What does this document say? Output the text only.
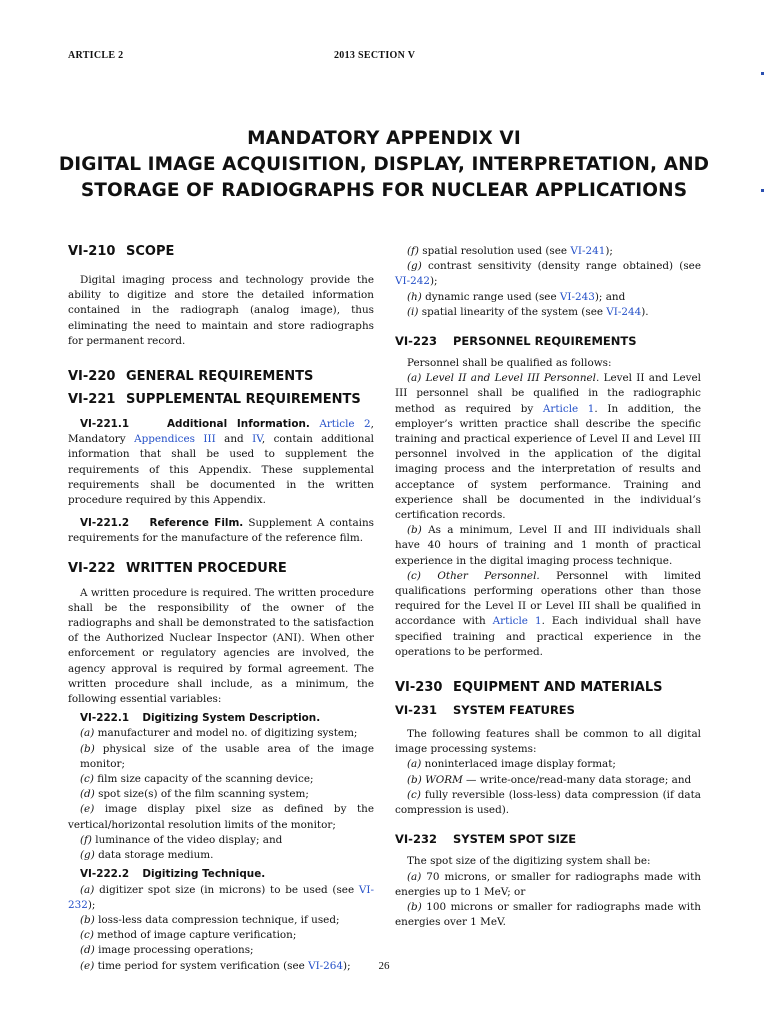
ARTICLE 2	2013 SECTION V
MANDATORY APPENDIX VI
DIGITAL IMAGE ACQUISITION, DISPLAY, INTERPRETATION, AND
STORAGE OF RADIOGRAPHS FOR NUCLEAR APPLICATIONS
VI-210 SCOPE

Digital imaging process and technology provide the ability to digitize and store the detailed information contained in the radiograph (analog image), thus eliminating the need to maintain and store radiographs for permanent record.

VI-220 GENERAL REQUIREMENTS
VI-221 SUPPLEMENTAL REQUIREMENTS

VI-221.1	Additional Information. Article 2, Mandatory Appendices III and IV, contain additional information that shall be used to supplement the requirements of this Appendix. These supplemental requirements shall be documented in the written procedure required by this Appendix.

VI-221.2 Reference Film. Supplement A contains requirements for the manufacture of the reference film.

VI-222 WRITTEN PROCEDURE

A written procedure is required. The written procedure shall be the responsibility of the owner of the radiographs and shall be demonstrated to the satisfaction of the Authorized Nuclear Inspector (ANI). When other enforcement or regulatory agencies are involved, the agency approval is required by formal agreement. The written procedure shall include, as a minimum, the following essential variables:

VI-222.1 Digitizing System Description.
(a) manufacturer and model no. of digitizing system;
(b) physical size of the usable area of the image monitor;
(c) film size capacity of the scanning device;
(d) spot size(s) of the film scanning system;
(e) image display pixel size as defined by the vertical/horizontal resolution limits of the monitor;
(f) luminance of the video display; and
(g) data storage medium.
VI-222.2 Digitizing Technique.
(a) digitizer spot size (in microns) to be used (see VI-232);
(b) loss-less data compression technique, if used;
(c) method of image capture verification;
(d) image processing operations;
(e) time period for system verification (see VI-264);
(f) spatial resolution used (see VI-241);
(g) contrast sensitivity (density range obtained) (see VI-242);
(h) dynamic range used (see VI-243); and
(i) spatial linearity of the system (see VI-244).
VI-223 PERSONNEL REQUIREMENTS

Personnel shall be qualified as follows:

(a) Level II and Level III Personnel. Level II and Level III personnel shall be qualified in the radiographic method as required by Article 1. In addition, the employer’s written practice shall describe the specific training and practical experience of Level II and Level III personnel involved in the application of the digital imaging process and the interpretation of results and acceptance of system performance. Training and experience shall be documented in the individual’s certification records.

(b) As a minimum, Level II and III individuals shall have 40 hours of training and 1 month of practical experience in the digital imaging process technique.

(c) Other Personnel. Personnel with limited qualifications performing operations other than those required for the Level II or Level III shall be qualified in accordance with Article 1. Each individual shall have specified training and practical experience in the operations to be performed.

VI-230 EQUIPMENT AND MATERIALS
VI-231 SYSTEM FEATURES

The following features shall be common to all digital image processing systems:

(a) noninterlaced image display format;
(b) WORM — write-once/read-many data storage; and
(c) fully reversible (loss-less) data compression (if data compression is used).
VI-232 SYSTEM SPOT SIZE

The spot size of the digitizing system shall be:

(a) 70 microns, or smaller for radiographs made with energies up to 1 MeV; or
(b) 100 microns or smaller for radiographs made with energies over 1 MeV.
26
